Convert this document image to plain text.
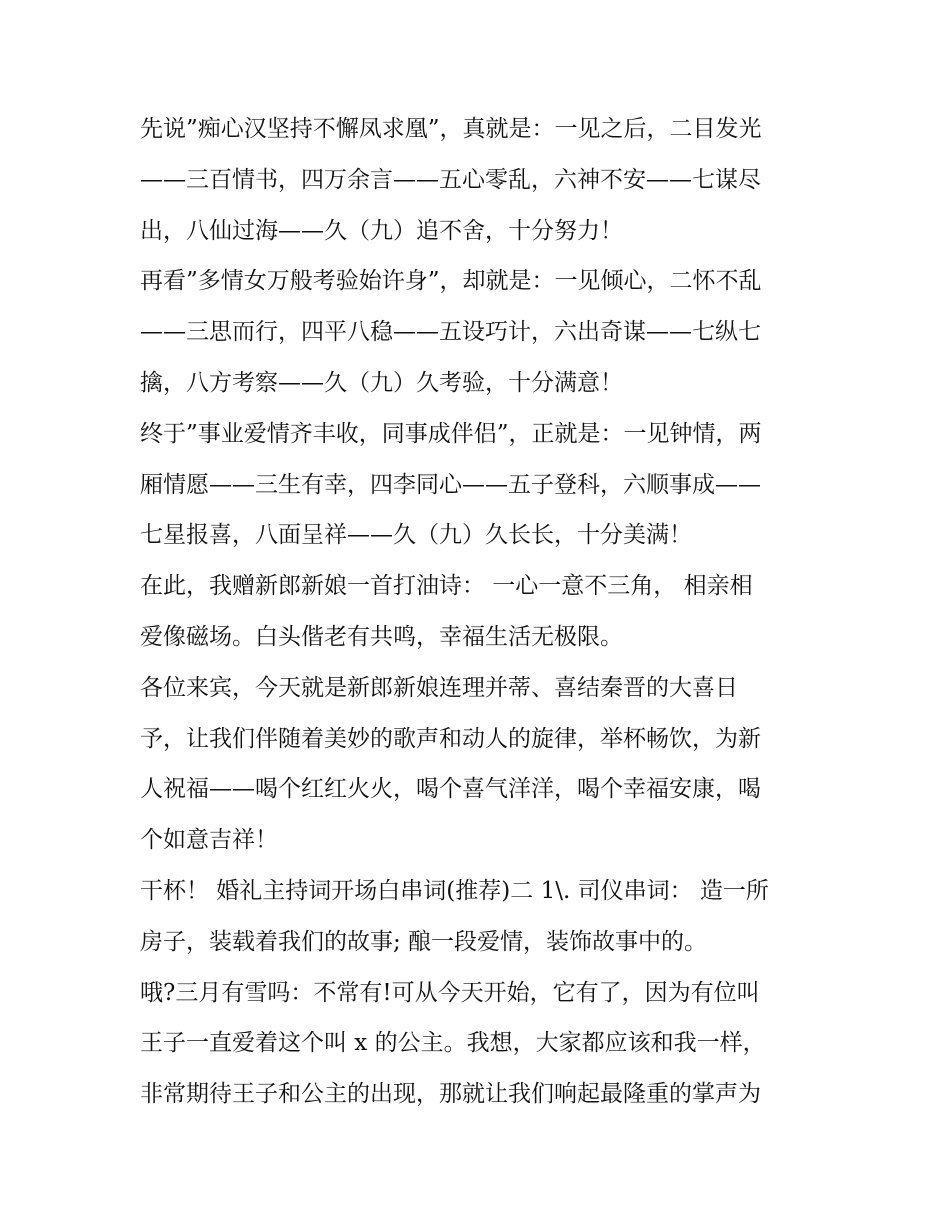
先说”痴心汉坚持不懈凤求凰”，真就是：一见之后，二目发光
——三百情书，四万余言——五心零乱，六神不安——七谋尽
出，八仙过海——久（九）追不舍，十分努力！
再看”多情女万般考验始许身”，却就是：一见倾心，二怀不乱
——三思而行，四平八稳——五设巧计，六出奇谋——七纵七
擒，八方考察——久（九）久考验，十分满意！
终于”事业爱情齐丰收，同事成伴侣”，正就是：一见钟情，两
厢情愿——三生有幸，四李同心——五子登科，六顺事成——
七星报喜，八面呈祥——久（九）久长长，十分美满！
在此，我赠新郎新娘一首打油诗： 一心一意不三角， 相亲相
爱像磁场。白头偕老有共鸣，幸福生活无极限。
各位来宾，今天就是新郎新娘连理并蒂、喜结秦晋的大喜日
予，让我们伴随着美妙的歌声和动人的旋律，举杯畅饮，为新
人祝福——喝个红红火火，喝个喜气洋洋，喝个幸福安康，喝
个如意吉祥！
干杯！ 婚礼主持词开场白串词(推荐)二 1\. 司仪串词： 造一所
房子，装载着我们的故事; 酿一段爱情，装饰故事中的。
哦?三月有雪吗：不常有!可从今天开始，它有了，因为有位叫
王子一直爱着这个叫 x 的公主。我想，大家都应该和我一样，
非常期待王子和公主的出现，那就让我们响起最隆重的掌声为
